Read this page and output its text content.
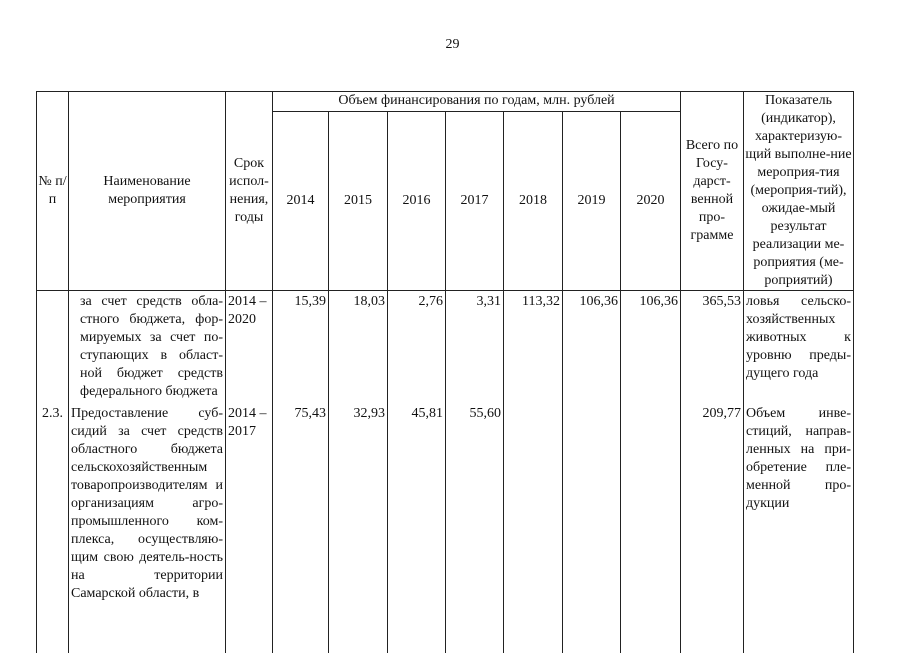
29
№ п/п	Наименование мероприятия	Срок испол-нения, годы	Объем финансирования по годам, млн. рублей							Всего по Госу-дарст-венной про-грамме	Показатель (индикатор), характеризую-щий выполне-ние мероприя-тия (мероприя-тий), ожидае-мый результат реализации ме-роприятия (ме-роприятий)
			2014	2015	2016	2017	2018	2019	2020		

	за счет средств обла-стного бюджета, фор-мируемых за счет по-ступающих в област-ной бюджет средств федерального бюджета	2014 – 2020	15,39	18,03	2,76	3,31	113,32	106,36	106,36	365,53	ловья сельско-хозяйственных животных к уровню преды-дущего года
2.3.	Предоставление суб-сидий за счет средств областного бюджета сельскохозяйственным товаропроизводителям и организациям агро-промышленного ком-плекса, осуществляю-щим свою деятель-ность на территории Самарской области, в	2014 – 2017	75,43	32,93	45,81	55,60				209,77	Объем инве-стиций, направ-ленных на при-обретение пле-менной про-дукции
